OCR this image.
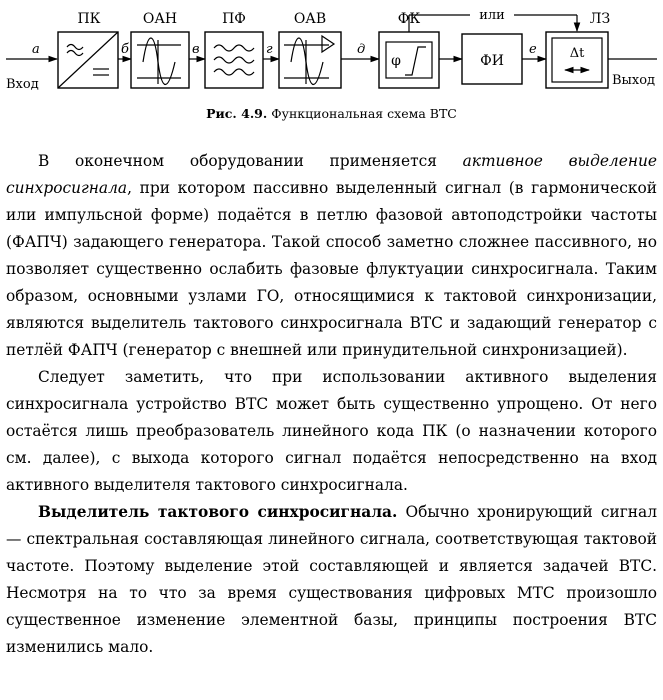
Вход
a
ПК
б
ОАН
в
ПФ
г
ОАВ
д
ФК
φ	ФИ
е
или	ЛЗ
Δt
Выход
Рис. 4.9. Функциональная схема ВТС

В оконечном оборудовании применяется активное выделение синхросигнала, при котором пассивно выделенный сигнал (в гармонической или импульсной форме) подаётся в петлю фазовой автоподстройки частоты (ФАПЧ) задающего генератора. Такой способ заметно сложнее пассивного, но позволяет существенно ослабить фазовые флуктуации синхросигнала. Таким образом, основными узлами ГО, относящимися к тактовой синхронизации, являются выделитель тактового синхросигнала ВТС и задающий генератор с петлёй ФАПЧ (генератор с внешней или принудительной синхронизацией).

Следует заметить, что при использовании активного выделения синхросигнала устройство ВТС может быть существенно упрощено. От него остаётся лишь преобразователь линейного кода ПК (о назначении которого см. далее), с выхода которого сигнал подаётся непосредственно на вход активного выделителя тактового синхросигнала.

Выделитель тактового синхросигнала. Обычно хронирующий сигнал — спектральная составляющая линейного сигнала, соответствующая тактовой частоте. Поэтому выделение этой составляющей и является задачей ВТС. Несмотря на то что за время существования цифровых МТС произошло существенное изменение элементной базы, принципы построения ВТС изменились мало.
